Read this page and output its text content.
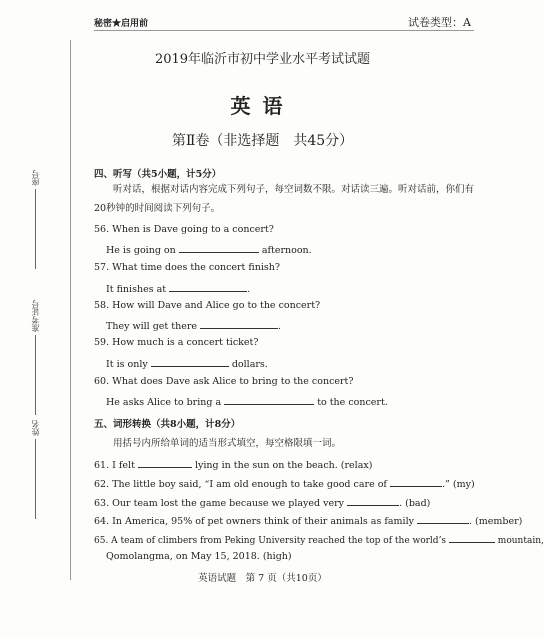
座号
准考证号
姓名
秘密★启用前	试卷类型：A
2019年临沂市初中学业水平考试试题
英语
第Ⅱ卷（非选择题　共45分）
四、听写（共5小题，计5分）
听对话，根据对话内容完成下列句子，每空词数不限。对话读三遍。听对话前，你们有20秒钟的时间阅读下列句子。
56. When is Dave going to a concert?
He is going on	afternoon.
57. What time does the concert finish?
It finishes at	.
58. How will Dave and Alice go to the concert?
They will get there	.
59. How much is a concert ticket?
It is only	dollars.
60. What does Dave ask Alice to bring to the concert?
He asks Alice to bring a	to the concert.
五、词形转换（共8小题，计8分）
用括号内所给单词的适当形式填空，每空格限填一词。
61. I felt	lying in the sun on the beach. (relax)
62. The little boy said, “I am old enough to take good care of	.” (my)
63. Our team lost the game because we played very	. (bad)
64. In America, 95% of pet owners think of their animals as family	. (member)
65. A team of climbers from Peking University reached the top of the world’s	mountain,
Qomolangma, on May 15, 2018. (high)
英语试题　第 7 页（共10页）
